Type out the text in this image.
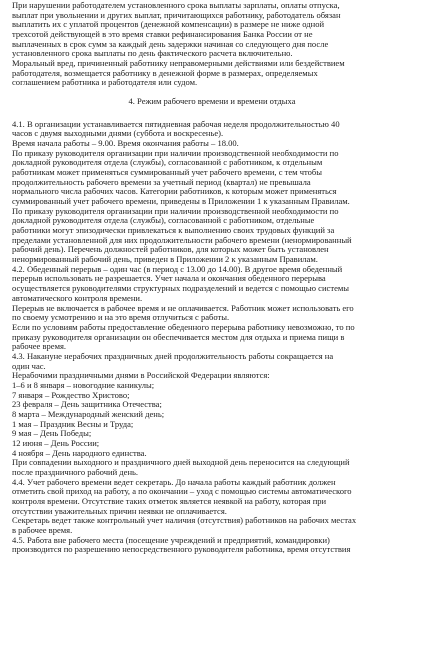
При нарушении работодателем установленного срока выплаты зарплаты, оплаты отпуска,
выплат при увольнении и других выплат, причитающихся работнику, работодатель обязан
выплатить их с уплатой процентов (денежной компенсации) в размере не ниже одной
трехсотой действующей в это время ставки рефинансирования Банка России от не
выплаченных в срок сумм за каждый день задержки начиная со следующего дня после
установленного срока выплаты по день фактического расчета включительно.
Моральный вред, причиненный работнику неправомерными действиями или бездействием
работодателя, возмещается работнику в денежной форме в размерах, определяемых
соглашением работника и работодателя или судом.
4. Режим рабочего времени и времени отдыха
4.1. В организации устанавливается пятидневная рабочая неделя продолжительностью 40
часов с двумя выходными днями (суббота и воскресенье).
Время начала работы – 9.00. Время окончания работы – 18.00.
По приказу руководителя организации при наличии производственной необходимости по
докладной руководителя отдела (службы), согласованной с работником, к отдельным
работникам может применяться суммированный учет рабочего времени, с тем чтобы
продолжительность рабочего времени за учетный период (квартал) не превышала
нормального числа рабочих часов. Категории работников, к которым может применяться
суммированный учет рабочего времени, приведены в Приложении 1 к указанным Правилам.
По приказу руководителя организации при наличии производственной необходимости по
докладной руководителя отдела (службы), согласованной с работником, отдельные
работники могут эпизодически привлекаться к выполнению своих трудовых функций за
пределами установленной для них продолжительности рабочего времени (ненормированный
рабочий день). Перечень должностей работников, для которых может быть установлен
ненормированный рабочий день, приведен в Приложении 2 к указанным Правилам.
4.2. Обеденный перерыв – один час (в период с 13.00 до 14.00). В другое время обеденный
перерыв использовать не разрешается. Учет начала и окончания обеденного перерыва
осуществляется руководителями структурных подразделений и ведется с помощью системы
автоматического контроля времени.
Перерыв не включается в рабочее время и не оплачивается. Работник может использовать его
по своему усмотрению и на это время отлучиться с работы.
Если по условиям работы предоставление обеденного перерыва работнику невозможно, то по
приказу руководителя организации он обеспечивается местом для отдыха и приема пищи в
рабочее время.
4.3. Накануне нерабочих праздничных дней продолжительность работы сокращается на
один час.
Нерабочими праздничными днями в Российской Федерации являются:
1–6 и 8 января – новогодние каникулы;
7 января – Рождество Христово;
23 февраля – День защитника Отечества;
8 марта – Международный женский день;
1 мая – Праздник Весны и Труда;
9 мая – День Победы;
12 июня – День России;
4 ноября – День народного единства.
При совпадении выходного и праздничного дней выходной день переносится на следующий
после праздничного рабочий день.
4.4. Учет рабочего времени ведет секретарь. До начала работы каждый работник должен
отметить свой приход на работу, а по окончании – уход с помощью системы автоматического
контроля времени. Отсутствие таких отметок является неявкой на работу, которая при
отсутствии уважительных причин неявки не оплачивается.
Секретарь ведет также контрольный учет наличия (отсутствия) работников на рабочих местах
в рабочее время.
4.5. Работа вне рабочего места (посещение учреждений и предприятий, командировки)
производится по разрешению непосредственного руководителя работника, время отсутствия
